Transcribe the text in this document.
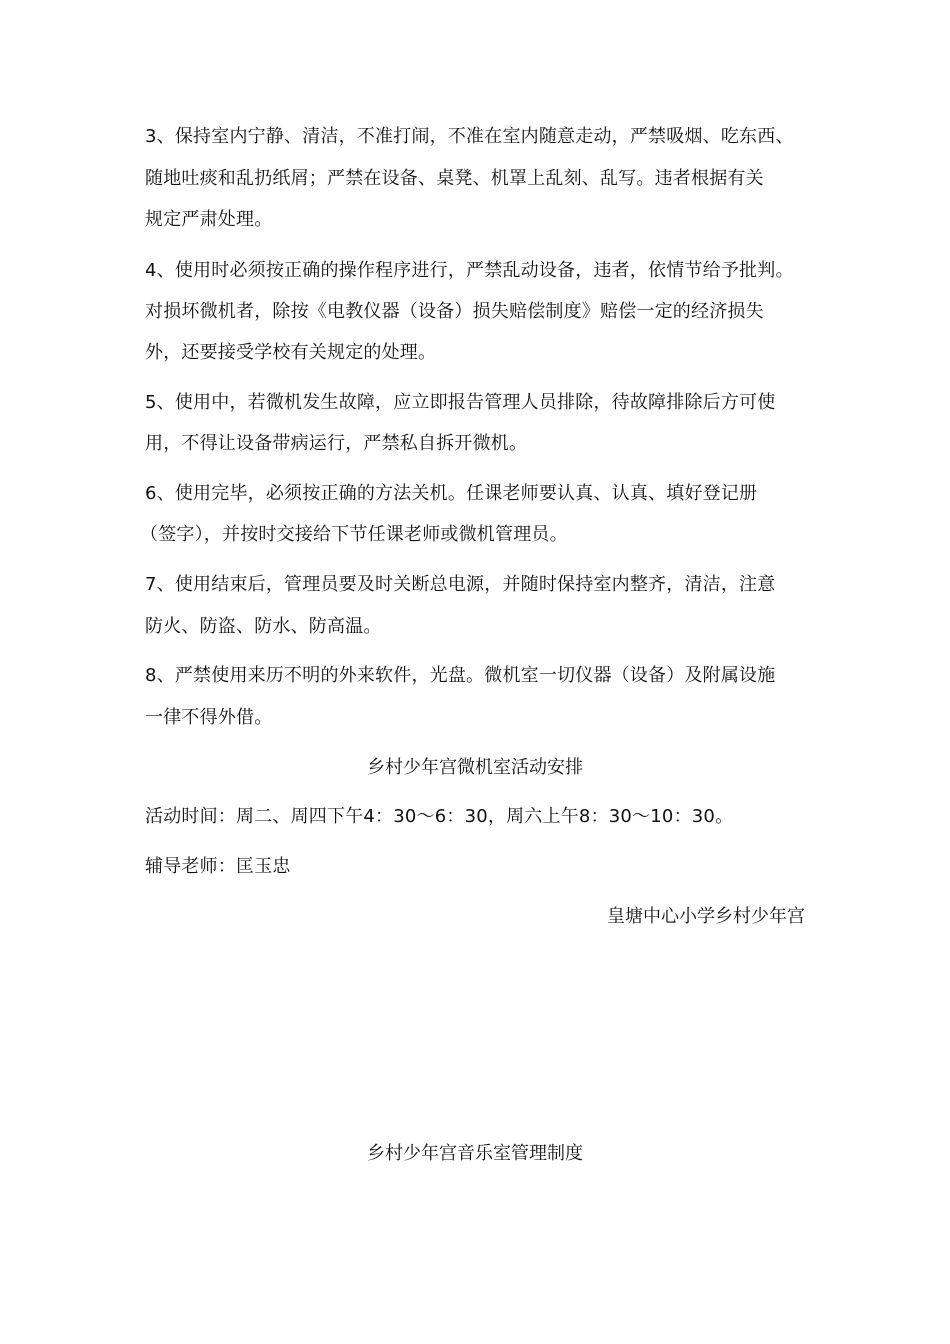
3、保持室内宁静、清洁，不准打闹，不准在室内随意走动，严禁吸烟、吃东西、
随地吐痰和乱扔纸屑；严禁在设备、桌凳、机罩上乱刻、乱写。违者根据有关
规定严肃处理。
4、使用时必须按正确的操作程序进行，严禁乱动设备，违者，依情节给予批判。
对损坏微机者，除按《电教仪器（设备）损失赔偿制度》赔偿一定的经济损失
外，还要接受学校有关规定的处理。
5、使用中，若微机发生故障，应立即报告管理人员排除，待故障排除后方可使
用，不得让设备带病运行，严禁私自拆开微机。
6、使用完毕，必须按正确的方法关机。任课老师要认真、认真、填好登记册
（签字），并按时交接给下节任课老师或微机管理员。
7、使用结束后，管理员要及时关断总电源，并随时保持室内整齐，清洁，注意
防火、防盗、防水、防高温。
8、严禁使用来历不明的外来软件，光盘。微机室一切仪器（设备）及附属设施
一律不得外借。
乡村少年宫微机室活动安排
活动时间：周二、周四下午4：30～6：30，周六上午8：30～10：30。
辅导老师：匡玉忠
皇塘中心小学乡村少年宫
乡村少年宫音乐室管理制度
